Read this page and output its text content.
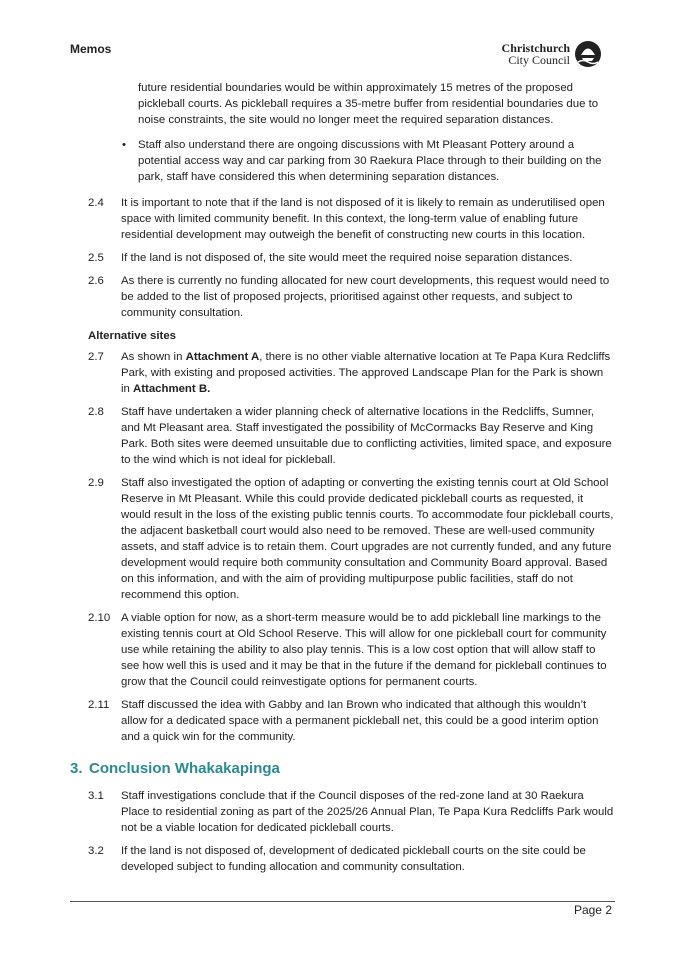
Memos	Christchurch
City Council

future residential boundaries would be within approximately 15 metres of the proposed pickleball courts. As pickleball requires a 35-metre buffer from residential boundaries due to noise constraints, the site would no longer meet the required separation distances.

• Staff also understand there are ongoing discussions with Mt Pleasant Pottery around a potential access way and car parking from 30 Raekura Place through to their building on the park, staff have considered this when determining separation distances.

2.4 It is important to note that if the land is not disposed of it is likely to remain as underutilised open space with limited community benefit. In this context, the long-term value of enabling future residential development may outweigh the benefit of constructing new courts in this location.

2.5 If the land is not disposed of, the site would meet the required noise separation distances.

2.6 As there is currently no funding allocated for new court developments, this request would need to be added to the list of proposed projects, prioritised against other requests, and subject to community consultation.

Alternative sites

2.7 As shown in Attachment A, there is no other viable alternative location at Te Papa Kura Redcliffs Park, with existing and proposed activities. The approved Landscape Plan for the Park is shown in Attachment B.

2.8 Staff have undertaken a wider planning check of alternative locations in the Redcliffs, Sumner, and Mt Pleasant area. Staff investigated the possibility of McCormacks Bay Reserve and King Park. Both sites were deemed unsuitable due to conflicting activities, limited space, and exposure to the wind which is not ideal for pickleball.

2.9 Staff also investigated the option of adapting or converting the existing tennis court at Old School Reserve in Mt Pleasant. While this could provide dedicated pickleball courts as requested, it would result in the loss of the existing public tennis courts. To accommodate four pickleball courts, the adjacent basketball court would also need to be removed. These are well-used community assets, and staff advice is to retain them. Court upgrades are not currently funded, and any future development would require both community consultation and Community Board approval. Based on this information, and with the aim of providing multipurpose public facilities, staff do not recommend this option.

2.10 A viable option for now, as a short-term measure would be to add pickleball line markings to the existing tennis court at Old School Reserve. This will allow for one pickleball court for community use while retaining the ability to also play tennis. This is a low cost option that will allow staff to see how well this is used and it may be that in the future if the demand for pickleball continues to grow that the Council could reinvestigate options for permanent courts.

2.11 Staff discussed the idea with Gabby and Ian Brown who indicated that although this wouldn’t allow for a dedicated space with a permanent pickleball net, this could be a good interim option and a quick win for the community.

3. Conclusion Whakakapinga

3.1 Staff investigations conclude that if the Council disposes of the red-zone land at 30 Raekura Place to residential zoning as part of the 2025/26 Annual Plan, Te Papa Kura Redcliffs Park would not be a viable location for dedicated pickleball courts.

3.2 If the land is not disposed of, development of dedicated pickleball courts on the site could be developed subject to funding allocation and community consultation.

Page 2
